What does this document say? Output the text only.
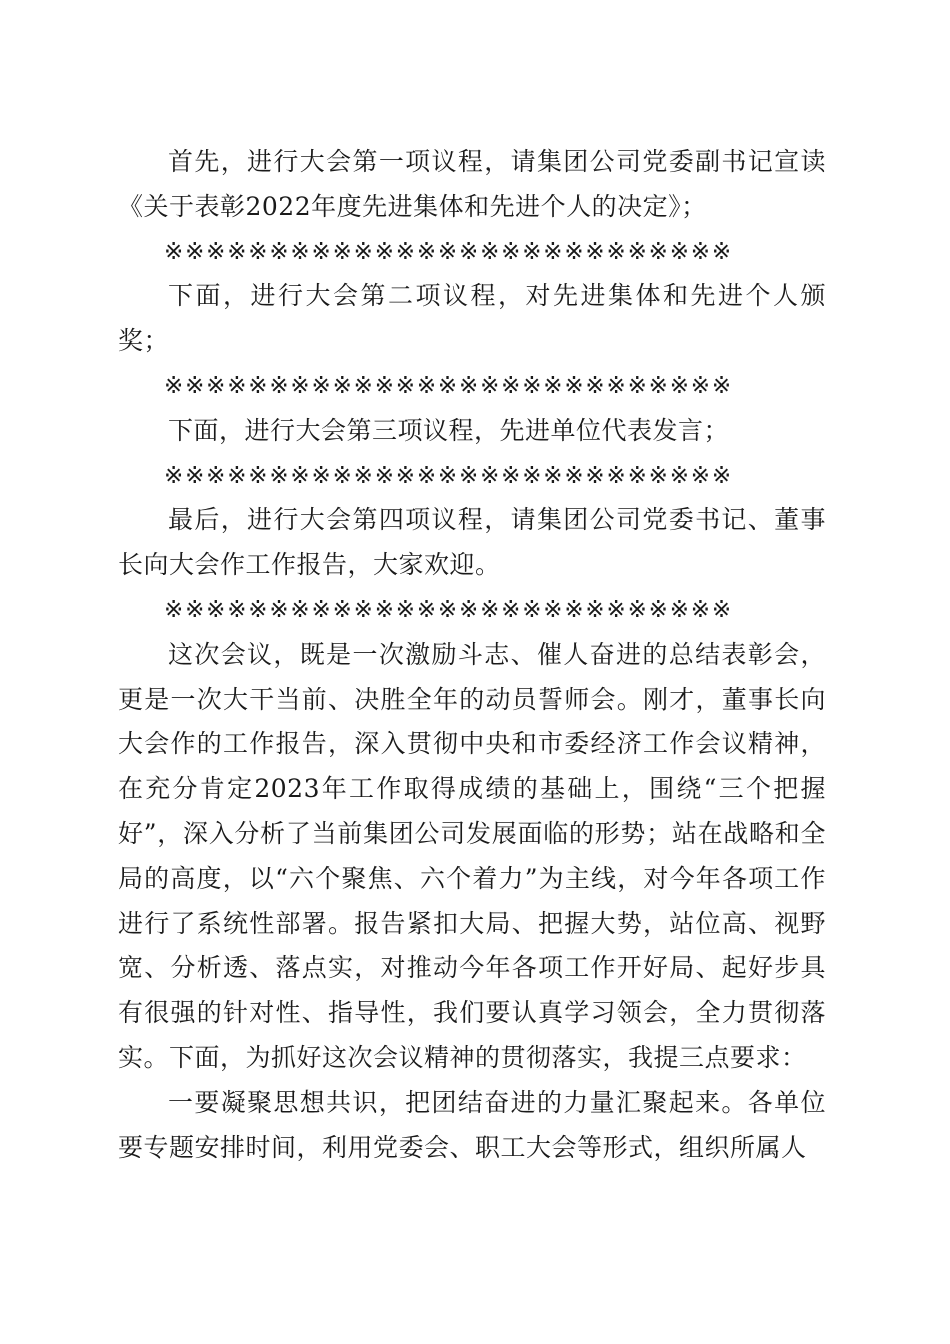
首先，进行大会第一项议程，请集团公司党委副书记宣读《关于表彰2022年度先进集体和先进个人的决定》；

※※※※※※※※※※※※※※※※※※※※※※※※※※※

下面，进行大会第二项议程，对先进集体和先进个人颁奖；

※※※※※※※※※※※※※※※※※※※※※※※※※※※

下面，进行大会第三项议程，先进单位代表发言；

※※※※※※※※※※※※※※※※※※※※※※※※※※※

最后，进行大会第四项议程，请集团公司党委书记、董事长向大会作工作报告，大家欢迎。

※※※※※※※※※※※※※※※※※※※※※※※※※※※

这次会议，既是一次激励斗志、催人奋进的总结表彰会，更是一次大干当前、决胜全年的动员誓师会。刚才，董事长向大会作的工作报告，深入贯彻中央和市委经济工作会议精神，在充分肯定2023年工作取得成绩的基础上，围绕“三个把握好”，深入分析了当前集团公司发展面临的形势；站在战略和全局的高度，以“六个聚焦、六个着力”为主线，对今年各项工作进行了系统性部署。报告紧扣大局、把握大势，站位高、视野宽、分析透、落点实，对推动今年各项工作开好局、起好步具有很强的针对性、指导性，我们要认真学习领会，全力贯彻落实。下面，为抓好这次会议精神的贯彻落实，我提三点要求：

一要凝聚思想共识，把团结奋进的力量汇聚起来。各单位要专题安排时间，利用党委会、职工大会等形式，组织所属人
